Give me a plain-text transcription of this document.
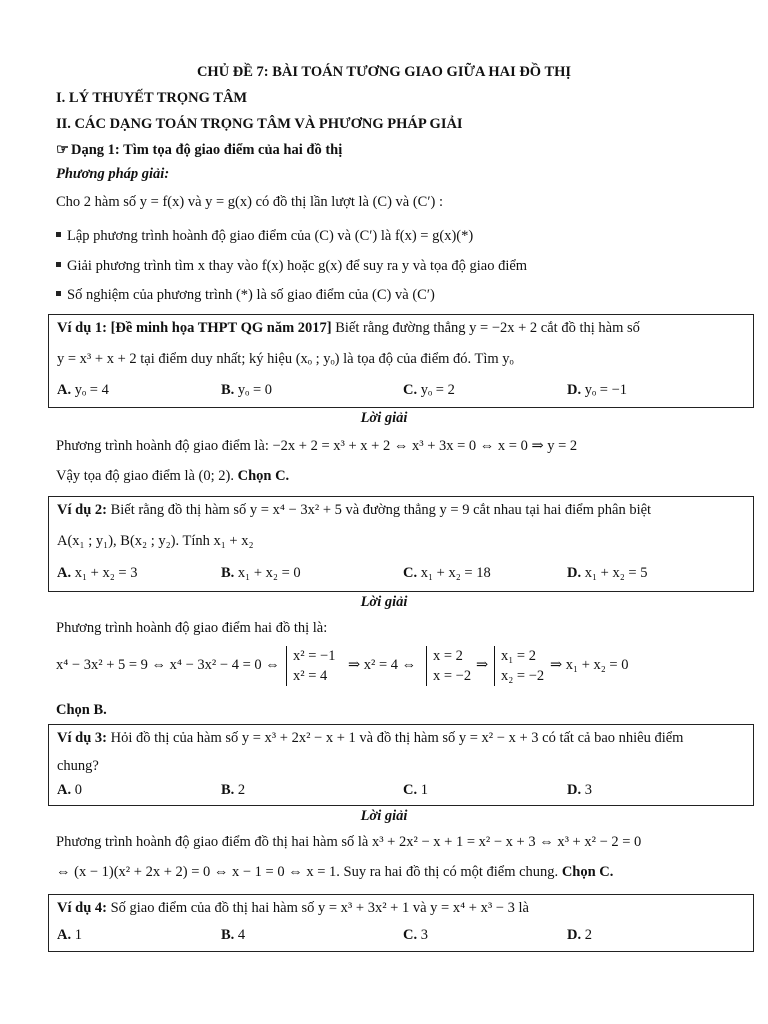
CHỦ ĐỀ 7: BÀI TOÁN TƯƠNG GIAO GIỮA HAI ĐỒ THỊ
I. LÝ THUYẾT TRỌNG TÂM
II. CÁC DẠNG TOÁN TRỌNG TÂM VÀ PHƯƠNG PHÁP GIẢI
☞ Dạng 1: Tìm tọa độ giao điểm của hai đồ thị
Phương pháp giải:
Cho 2 hàm số y = f(x) và y = g(x) có đồ thị lần lượt là (C) và (C′) :
Lập phương trình hoành độ giao điểm của (C) và (C′) là f(x) = g(x)(*)
Giải phương trình tìm x thay vào f(x) hoặc g(x) để suy ra y và tọa độ giao điểm
Số nghiệm của phương trình (*) là số giao điểm của (C) và (C′)
Ví dụ 1: [Đề minh họa THPT QG năm 2017] Biết rằng đường thẳng y = −2x + 2 cắt đồ thị hàm số
y = x³ + x + 2 tại điểm duy nhất; ký hiệu (xₒ ; yₒ) là tọa độ của điểm đó. Tìm yₒ
A. yₒ = 4	B. yₒ = 0	C. yₒ = 2	D. yₒ = −1
Lời giải
Phương trình hoành độ giao điểm là: −2x + 2 = x³ + x + 2 ⇔ x³ + 3x = 0 ⇔ x = 0 ⇒ y = 2
Vậy tọa độ giao điểm là (0; 2). Chọn C.
Ví dụ 2: Biết rằng đồ thị hàm số y = x⁴ − 3x² + 5 và đường thẳng y = 9 cắt nhau tại hai điểm phân biệt
A(x₁ ; y₁), B(x₂ ; y₂). Tính x₁ + x₂
A. x₁ + x₂ = 3	B. x₁ + x₂ = 0	C. x₁ + x₂ = 18	D. x₁ + x₂ = 5
Lời giải
Phương trình hoành độ giao điểm hai đồ thị là:
x⁴ − 3x² + 5 = 9 ⇔ x⁴ − 3x² − 4 = 0 ⇔
x² = −1
x² = 4
⇒ x² = 4 ⇔
x = 2
x = −2
⇒
x₁ = 2
x₂ = −2
⇒ x₁ + x₂ = 0
Chọn B.
Ví dụ 3: Hỏi đồ thị của hàm số y = x³ + 2x² − x + 1 và đồ thị hàm số y = x² − x + 3 có tất cả bao nhiêu điểm
chung?
A. 0	B. 2	C. 1	D. 3
Lời giải
Phương trình hoành độ giao điểm đồ thị hai hàm số là x³ + 2x² − x + 1 = x² − x + 3 ⇔ x³ + x² − 2 = 0
⇔ (x − 1)(x² + 2x + 2) = 0 ⇔ x − 1 = 0 ⇔ x = 1. Suy ra hai đồ thị có một điểm chung. Chọn C.
Ví dụ 4: Số giao điểm của đồ thị hai hàm số y = x³ + 3x² + 1 và y = x⁴ + x³ − 3 là
A. 1	B. 4	C. 3	D. 2
